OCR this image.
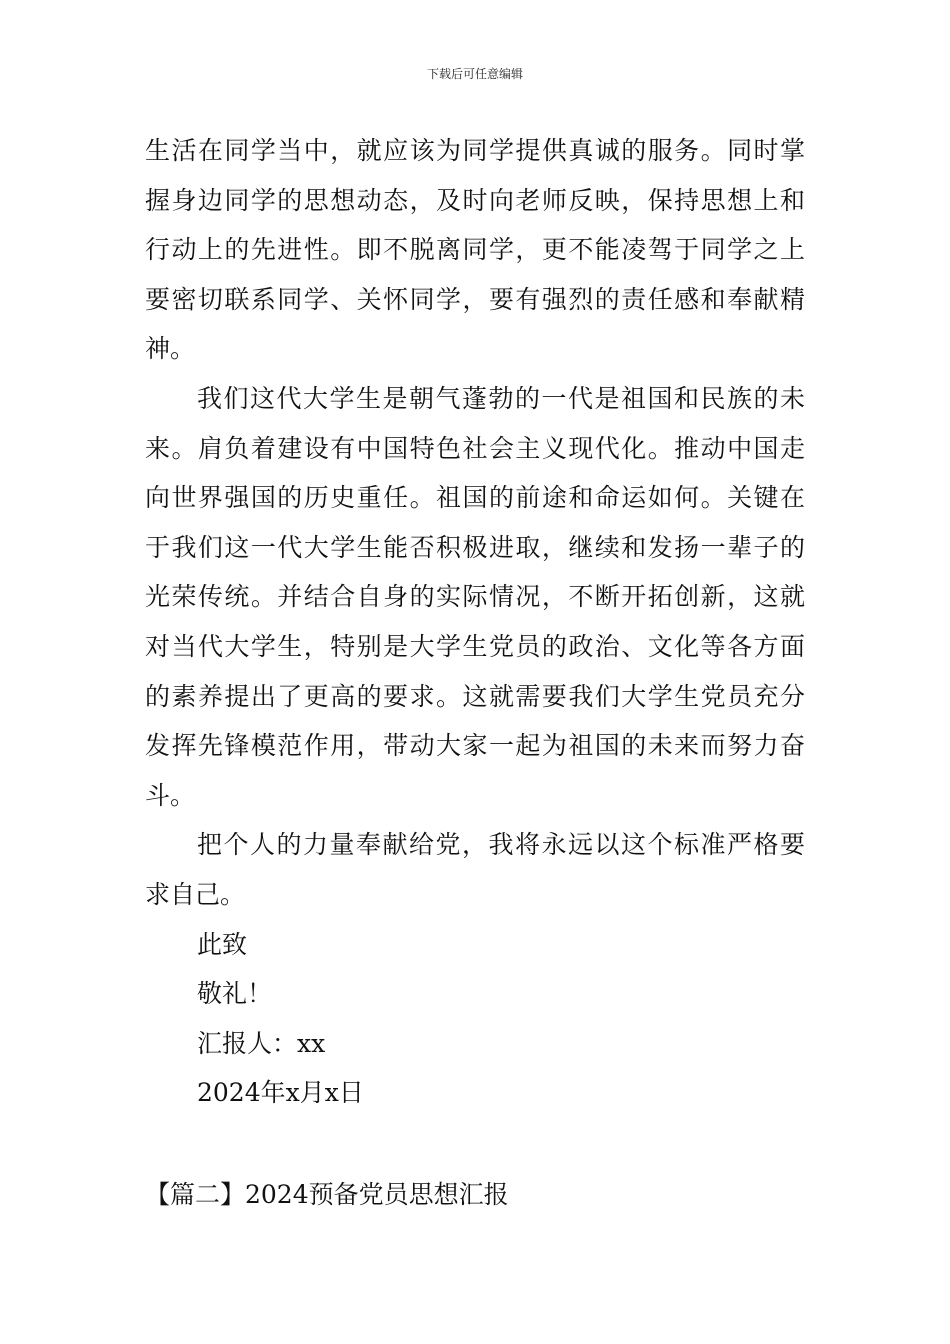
下载后可任意编辑
生活在同学当中，就应该为同学提供真诚的服务。同时掌
握身边同学的思想动态，及时向老师反映，保持思想上和
行动上的先进性。即不脱离同学，更不能凌驾于同学之上
要密切联系同学、关怀同学，要有强烈的责任感和奉献精
神。
我们这代大学生是朝气蓬勃的一代是祖国和民族的未
来。肩负着建设有中国特色社会主义现代化。推动中国走
向世界强国的历史重任。祖国的前途和命运如何。关键在
于我们这一代大学生能否积极进取，继续和发扬一辈子的
光荣传统。并结合自身的实际情况，不断开拓创新，这就
对当代大学生，特别是大学生党员的政治、文化等各方面
的素养提出了更高的要求。这就需要我们大学生党员充分
发挥先锋模范作用，带动大家一起为祖国的未来而努力奋
斗。
把个人的力量奉献给党，我将永远以这个标准严格要
求自己。
此致
敬礼！
汇报人：xx
2024年x月x日
【篇二】2024预备党员思想汇报
